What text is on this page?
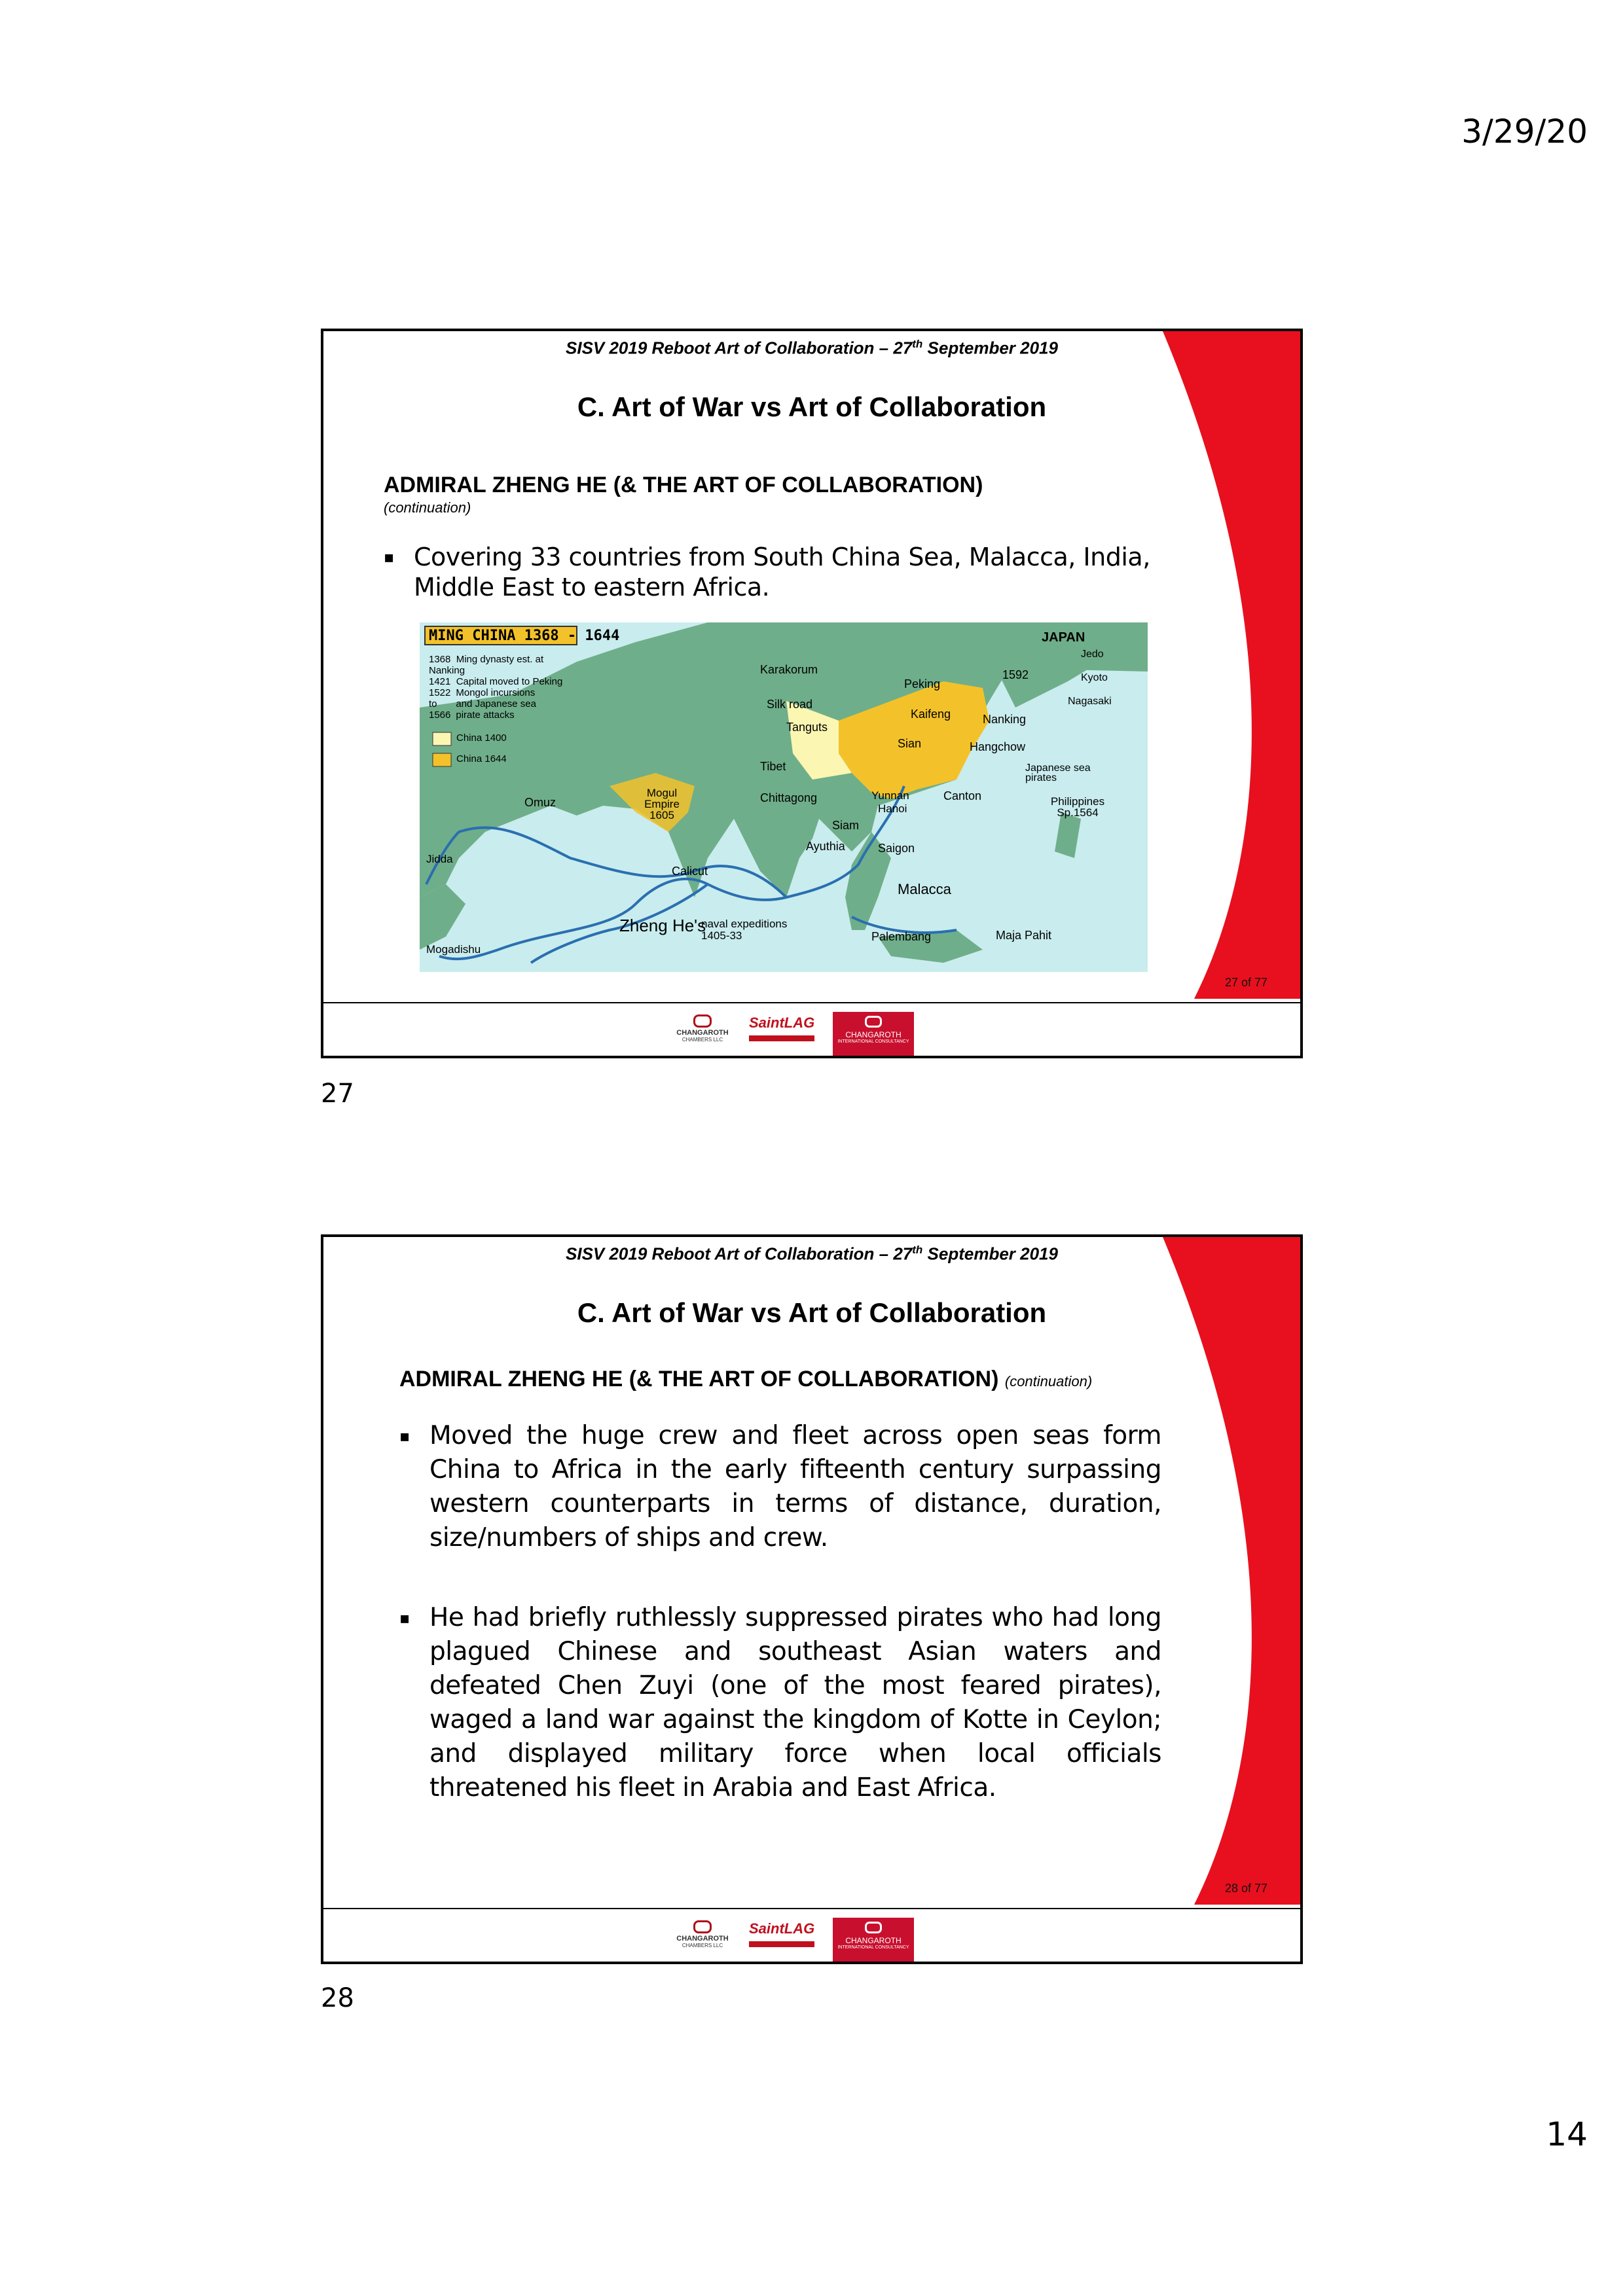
3/29/20
SISV 2019 Reboot Art of Collaboration – 27th September 2019
C. Art of War vs Art of Collaboration
ADMIRAL ZHENG HE (& THE ART OF COLLABORATION)
(continuation)
▪ Covering 33 countries from South China Sea, Malacca, India, Middle East to eastern Africa.
MING CHINA 1368 - 1644
1368 Ming dynasty est. at Nanking
1421 Capital moved to Peking
1522
to
1566
Mongol incursions and Japanese sea pirate attacks
China 1400
China 1644
JAPAN
Jedo
Kyoto
Nagasaki
1592
Karakorum
Peking
Silk road
Kaifeng	Nanking
Tanguts
Sian	Hangchow
Japanese sea pirates
Tibet
Mogul Empire 1605
Omuz	Chittagong	Yunnan	Canton
Hanoi
Philippines Sp.1564
Siam
Ayuthia	Saigon
Jidda
Calicut
Malacca
Zheng He's
naval expeditions 1405-33	Palembang	Maja Pahit
Mogadishu
27 of 77
CHANGAROTH
CHAMBERS LLC
SaintLAG
CHANGAROTH
INTERNATIONAL CONSULTANCY
27
SISV 2019 Reboot Art of Collaboration – 27th September 2019
C. Art of War vs Art of Collaboration
ADMIRAL ZHENG HE (& THE ART OF COLLABORATION) (continuation)
▪ Moved the huge crew and fleet across open seas form China to Africa in the early fifteenth century surpassing western counterparts in terms of distance, duration, size/numbers of ships and crew.
▪ He had briefly ruthlessly suppressed pirates who had long plagued Chinese and southeast Asian waters and defeated Chen Zuyi (one of the most feared pirates), waged a land war against the kingdom of Kotte in Ceylon; and displayed military force when local officials threatened his fleet in Arabia and East Africa.
28 of 77
CHANGAROTH
CHAMBERS LLC
SaintLAG
CHANGAROTH
INTERNATIONAL CONSULTANCY
28
14
